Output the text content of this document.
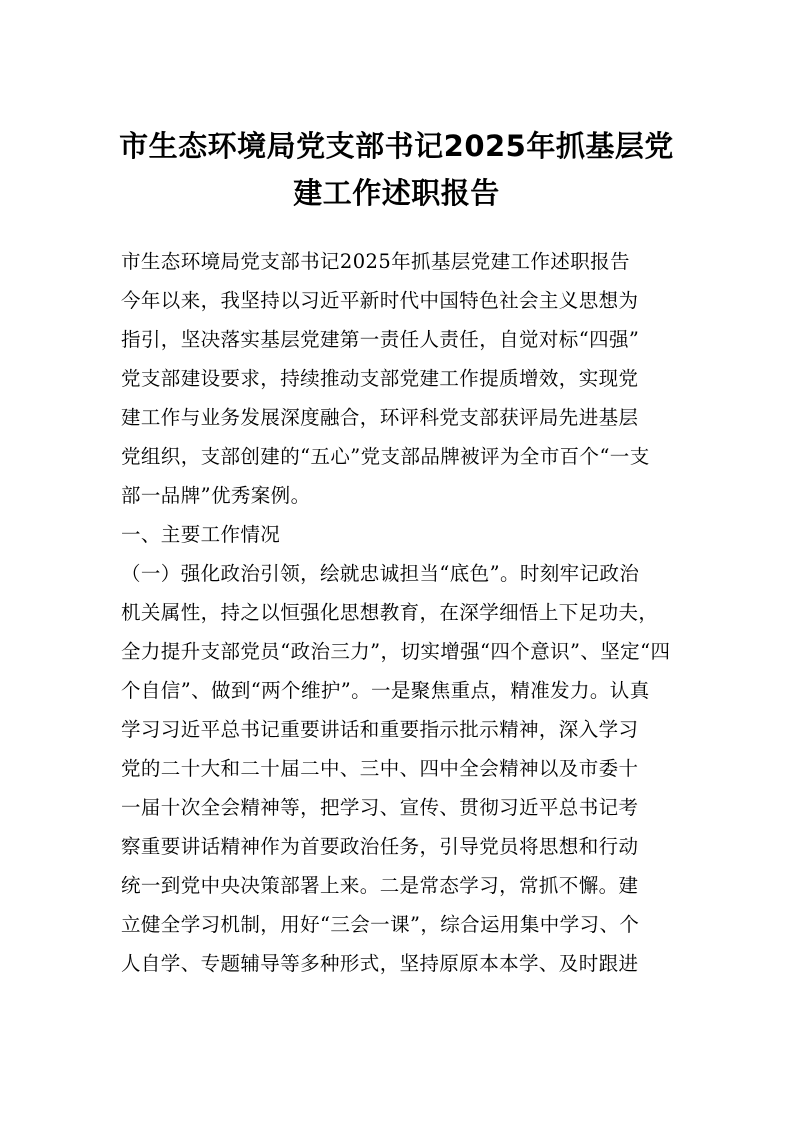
市生态环境局党支部书记2025年抓基层党
建工作述职报告
市生态环境局党支部书记2025年抓基层党建工作述职报告
今年以来，我坚持以习近平新时代中国特色社会主义思想为
指引，坚决落实基层党建第一责任人责任，自觉对标“四强”
党支部建设要求，持续推动支部党建工作提质增效，实现党
建工作与业务发展深度融合，环评科党支部获评局先进基层
党组织，支部创建的“五心”党支部品牌被评为全市百个“一支
部一品牌”优秀案例。
一、主要工作情况
（一）强化政治引领，绘就忠诚担当“底色”。时刻牢记政治
机关属性，持之以恒强化思想教育，在深学细悟上下足功夫，
全力提升支部党员“政治三力”，切实增强“四个意识”、坚定“四
个自信”、做到“两个维护”。一是聚焦重点，精准发力。认真
学习习近平总书记重要讲话和重要指示批示精神，深入学习
党的二十大和二十届二中、三中、四中全会精神以及市委十
一届十次全会精神等，把学习、宣传、贯彻习近平总书记考
察重要讲话精神作为首要政治任务，引导党员将思想和行动
统一到党中央决策部署上来。二是常态学习，常抓不懈。建
立健全学习机制，用好“三会一课”，综合运用集中学习、个
人自学、专题辅导等多种形式，坚持原原本本学、及时跟进
